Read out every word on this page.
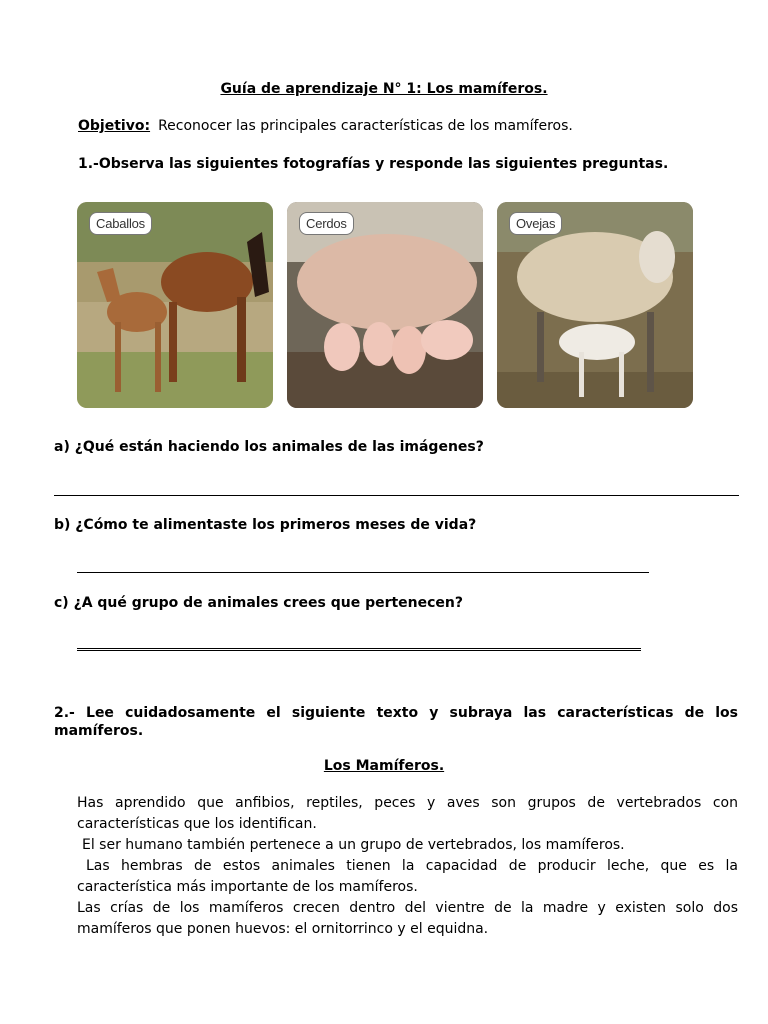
Guía de aprendizaje N° 1: Los mamíferos.
Objetivo: Reconocer las principales características de los mamíferos.
1.-Observa las siguientes fotografías y responde las siguientes preguntas.
Caballos	Cerdos	Ovejas
a) ¿Qué están haciendo los animales de las imágenes?
b) ¿Cómo te alimentaste los primeros meses de vida?
c) ¿A qué grupo de animales crees que pertenecen?
2.- Lee cuidadosamente el siguiente texto y subraya las características de los mamíferos.
Los Mamíferos.
Has aprendido que anfibios, reptiles, peces y aves son grupos de vertebrados con
características que los identifican.
El ser humano también pertenece a un grupo de vertebrados, los mamíferos.
Las hembras de estos animales tienen la capacidad de producir leche, que es la
característica más importante de los mamíferos.
Las crías de los mamíferos crecen dentro del vientre de la madre y existen solo dos
mamíferos que ponen huevos: el ornitorrinco y el equidna.
